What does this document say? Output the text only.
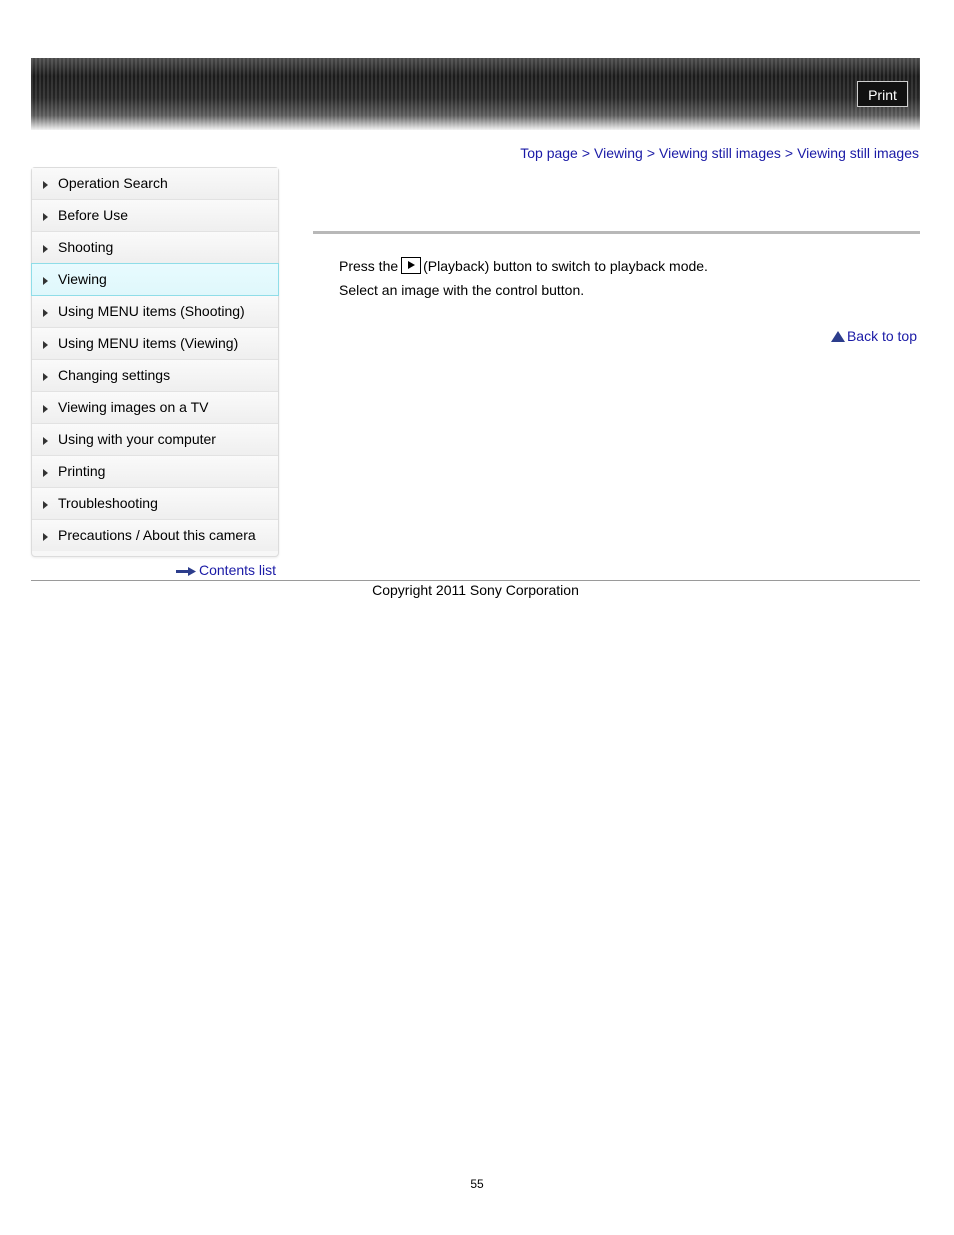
Print
Top page > Viewing > Viewing still images > Viewing still images
Operation Search
Before Use
Shooting
Viewing
Using MENU items (Shooting)
Using MENU items (Viewing)
Changing settings
Viewing images on a TV
Using with your computer
Printing
Troubleshooting
Precautions / About this camera
Contents list
Press the (Playback) button to switch to playback mode.
Select an image with the control button.
Back to top
Copyright 2011 Sony Corporation
55
